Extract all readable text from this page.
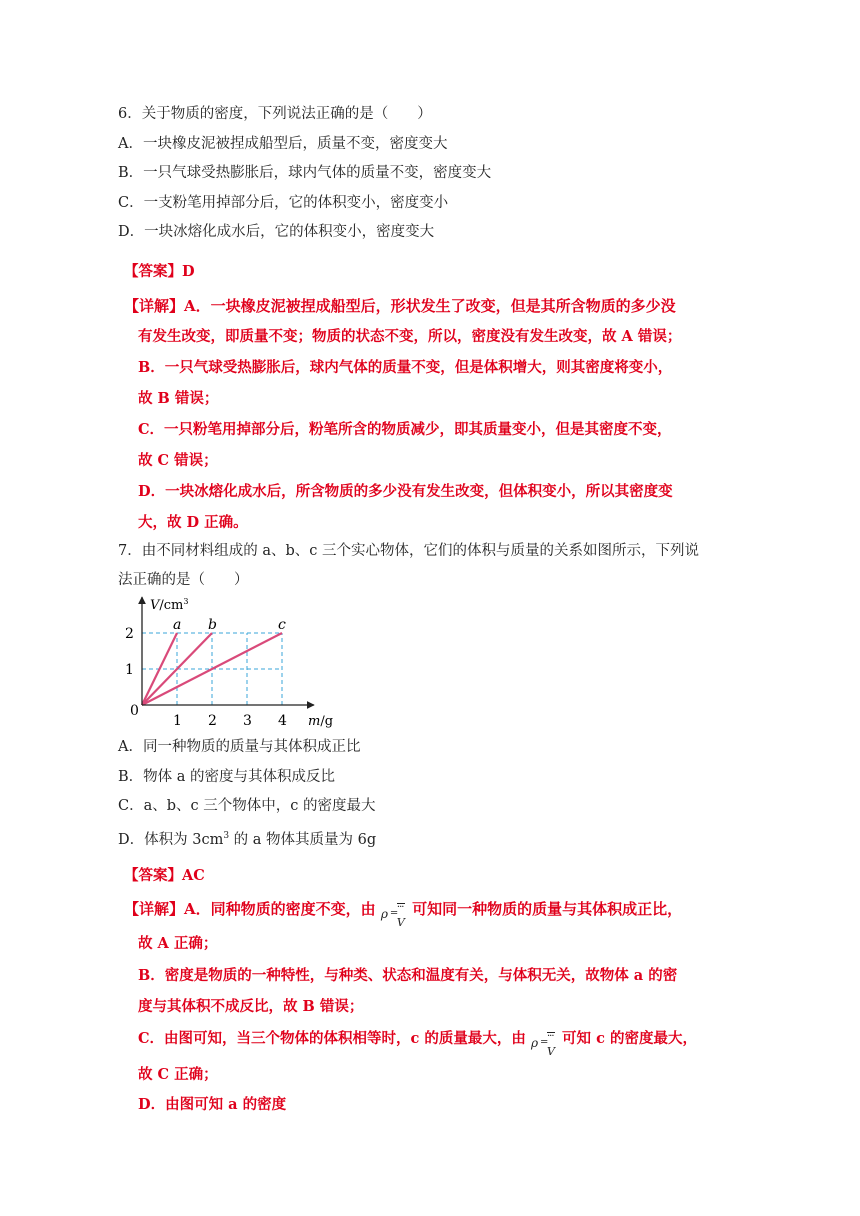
6．关于物质的密度，下列说法正确的是（　　）
A．一块橡皮泥被捏成船型后，质量不变，密度变大
B．一只气球受热膨胀后，球内气体的质量不变，密度变大
C．一支粉笔用掉部分后，它的体积变小，密度变小
D．一块冰熔化成水后，它的体积变小，密度变大
【答案】D
【详解】A．一块橡皮泥被捏成船型后，形状发生了改变，但是其所含物质的多少没
有发生改变，即质量不变；物质的状态不变，所以，密度没有发生改变，故 A 错误；
B．一只气球受热膨胀后，球内气体的质量不变，但是体积增大，则其密度将变小，
故 B 错误；
C．一只粉笔用掉部分后，粉笔所含的物质减少，即其质量变小，但是其密度不变，
故 C 错误；
D．一块冰熔化成水后，所含物质的多少没有发生改变，但体积变小，所以其密度变
大，故 D 正确。
7．由不同材料组成的 a、b、c 三个实心物体，它们的体积与质量的关系如图所示，下列说
法正确的是（　　）
a b	c
1 2 3 4
1
2
0
$V/cm^3$
m/g
A．同一种物质的质量与其体积成正比
B．物体 a 的密度与其体积成反比
C．a、b、c 三个物体中，c 的密度最大
D．体积为 $3cm^3$ 的 a 物体其质量为 6g
【答案】AC
【详解】A．同种物质的密度不变，由 ρ =
···
V
可知同一种物质的质量与其体积成正比，
故 A 正确；
B．密度是物质的一种特性，与种类、状态和温度有关，与体积无关，故物体 a 的密
度与其体积不成反比，故 B 错误；
C．由图可知，当三个物体的体积相等时，c 的质量最大，由 ρ =
···
V
可知 c 的密度最大，
故 C 正确；
D．由图可知 a 的密度
